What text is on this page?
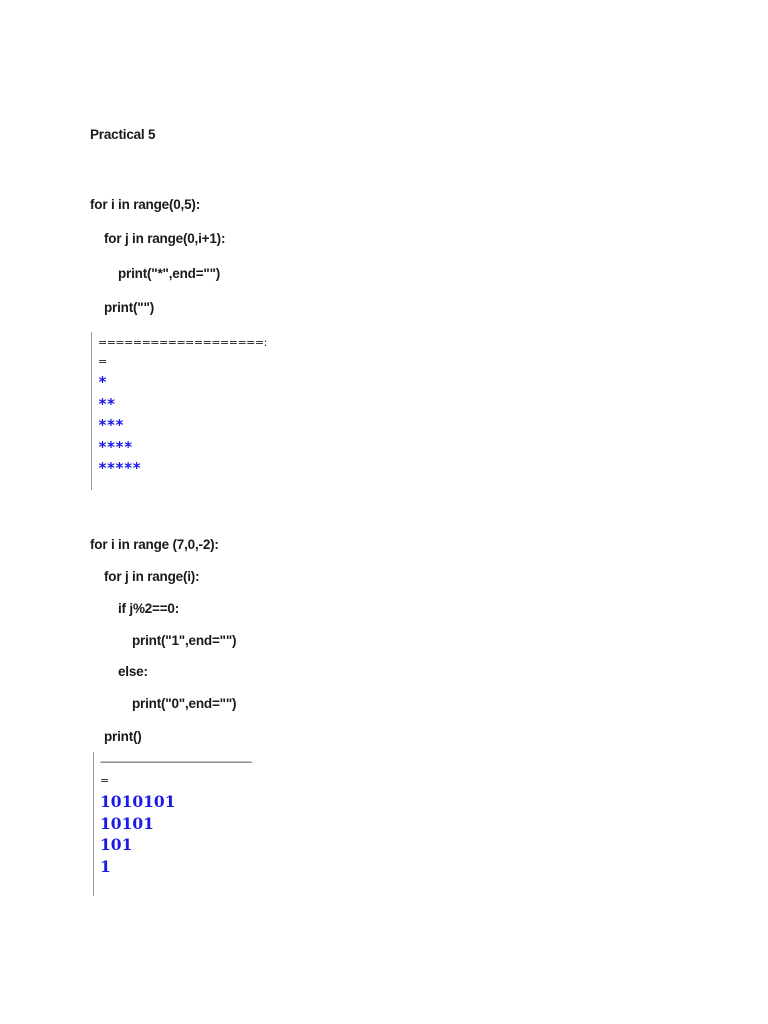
Practical 5
for i in range(0,5):
for j in range(0,i+1):
print("*",end="")
print("")
===================:
=
*
**
***
****
*****
for i in range (7,0,-2):
for j in range(i):
if j%2==0:
print("1",end="")
else:
print("0",end="")
print()
———————————————–
=
1010101
10101
101
1
